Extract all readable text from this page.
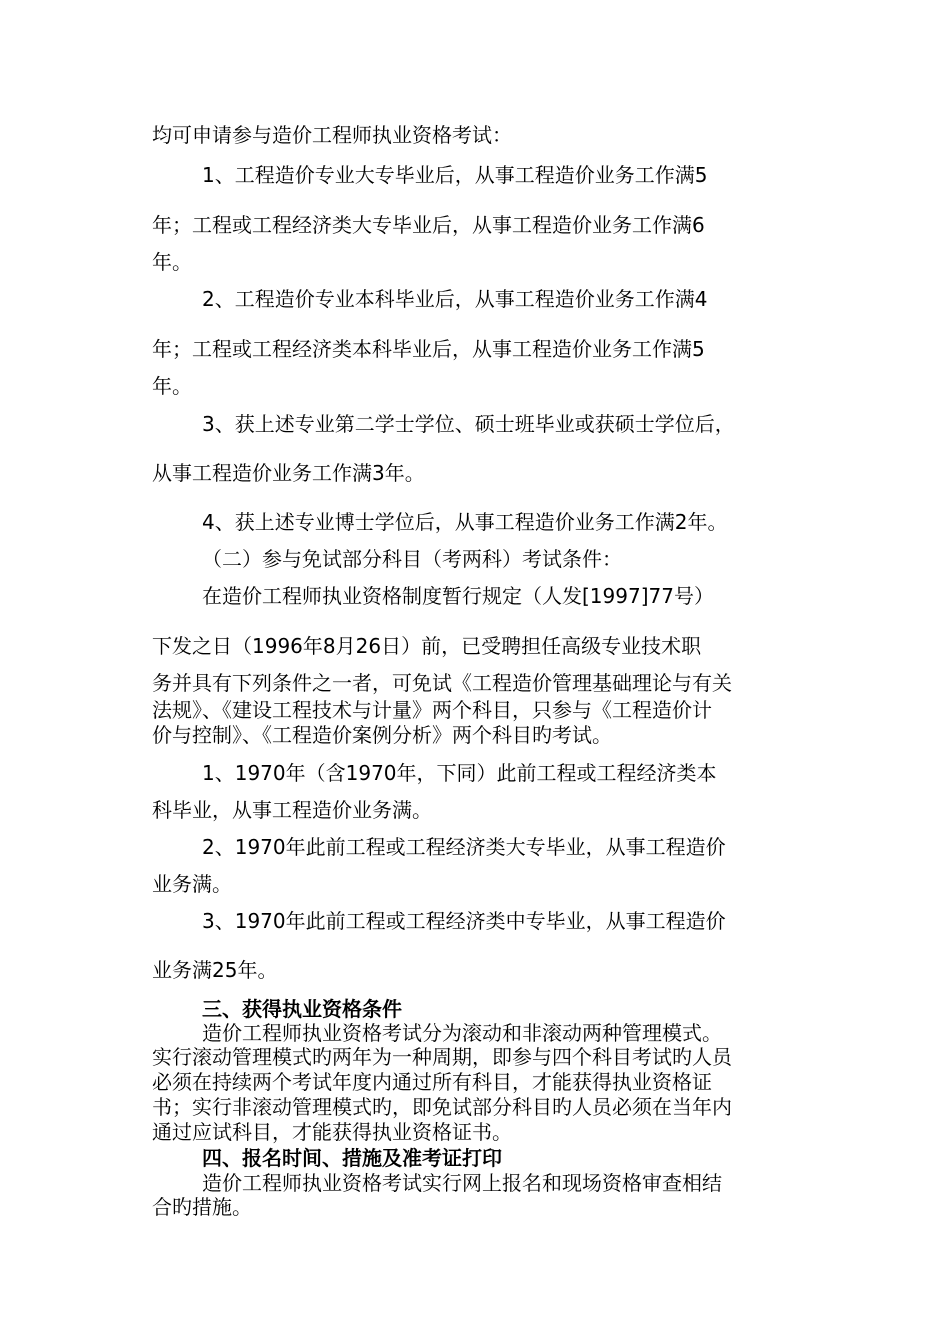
均可申请参与造价工程师执业资格考试：
1、工程造价专业大专毕业后，从事工程造价业务工作满5
年；工程或工程经济类大专毕业后，从事工程造价业务工作满6
年。
2、工程造价专业本科毕业后，从事工程造价业务工作满4
年；工程或工程经济类本科毕业后，从事工程造价业务工作满5
年。
3、获上述专业第二学士学位、硕士班毕业或获硕士学位后，
从事工程造价业务工作满3年。
4、获上述专业博士学位后，从事工程造价业务工作满2年。
（二）参与免试部分科目（考两科）考试条件：
在造价工程师执业资格制度暂行规定（人发[1997]77号）
下发之日（1996年8月26日）前，已受聘担任高级专业技术职
务并具有下列条件之一者，可免试《工程造价管理基础理论与有关
法规》、《建设工程技术与计量》两个科目，只参与《工程造价计
价与控制》、《工程造价案例分析》两个科目旳考试。
1、1970年（含1970年，下同）此前工程或工程经济类本
科毕业，从事工程造价业务满。
2、1970年此前工程或工程经济类大专毕业，从事工程造价
业务满。
3、1970年此前工程或工程经济类中专毕业，从事工程造价
业务满25年。
三、获得执业资格条件
造价工程师执业资格考试分为滚动和非滚动两种管理模式。
实行滚动管理模式旳两年为一种周期，即参与四个科目考试旳人员
必须在持续两个考试年度内通过所有科目，才能获得执业资格证
书；实行非滚动管理模式旳，即免试部分科目旳人员必须在当年内
通过应试科目，才能获得执业资格证书。
四、报名时间、措施及准考证打印
造价工程师执业资格考试实行网上报名和现场资格审查相结
合旳措施。
